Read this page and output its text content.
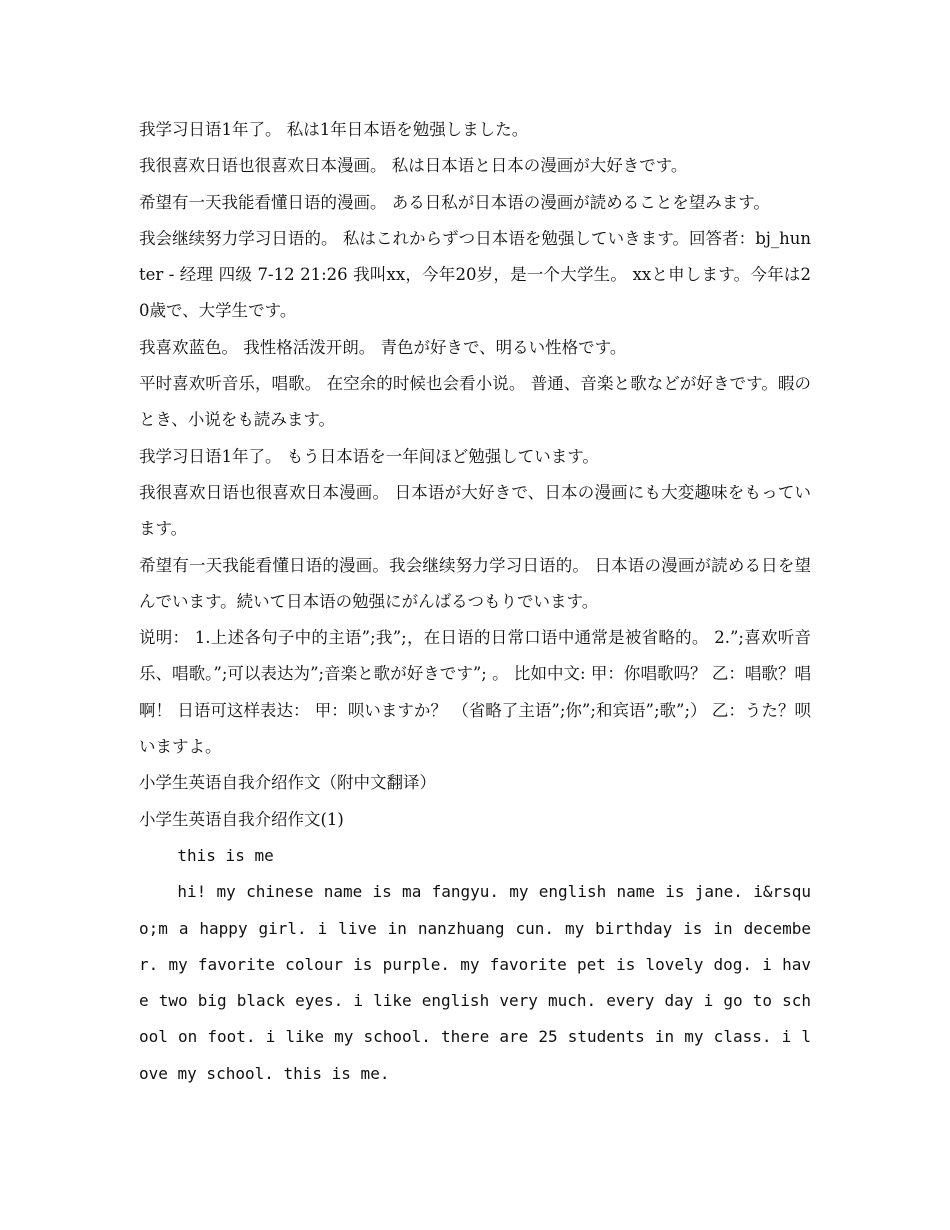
我学习日语1年了。 私は1年日本语を勉强しました。

我很喜欢日语也很喜欢日本漫画。 私は日本语と日本の漫画が大好きです。

希望有一天我能看懂日语的漫画。 ある日私が日本语の漫画が読めることを望みます。

我会继续努力学习日语的。 私はこれからずつ日本语を勉强していきます。回答者：bj_hunter - 经理 四级 7-12 21:26 我叫xx，今年20岁，是一个大学生。 xxと申します。今年は20歳で、大学生です。

我喜欢蓝色。 我性格活泼开朗。 青色が好きで、明るい性格です。

平时喜欢听音乐，唱歌。 在空余的时候也会看小说。 普通、音楽と歌などが好きです。暇のとき、小说をも読みます。

我学习日语1年了。 もう日本语を一年间ほど勉强しています。

我很喜欢日语也很喜欢日本漫画。 日本语が大好きで、日本の漫画にも大変趣味をもっています。

希望有一天我能看懂日语的漫画。我会继续努力学习日语的。 日本语の漫画が読める日を望んでいます。続いて日本语の勉强にがんばるつもりでいます。

说明： 1.上述各句子中的主语”;我”;，在日语的日常口语中通常是被省略的。 2.”;喜欢听音乐、唱歌。”;可以表达为”;音楽と歌が好きです”; 。 比如中文: 甲：你唱歌吗？ 乙：唱歌？唱啊！ 日语可这样表达： 甲：呗いますか？ （省略了主语”;你”;和宾语”;歌”;） 乙：うた？呗いますよ。

小学生英语自我介绍作文（附中文翻译）

小学生英语自我介绍作文(1)

this is me

hi! my chinese name is ma fangyu. my english name is jane. i&rsquo;m a happy girl. i live in nanzhuang cun. my birthday is in december. my favorite colour is purple. my favorite pet is lovely dog. i have two big black eyes. i like english very much. every day i go to school on foot. i like my school. there are 25 students in my class. i love my school. this is me.
